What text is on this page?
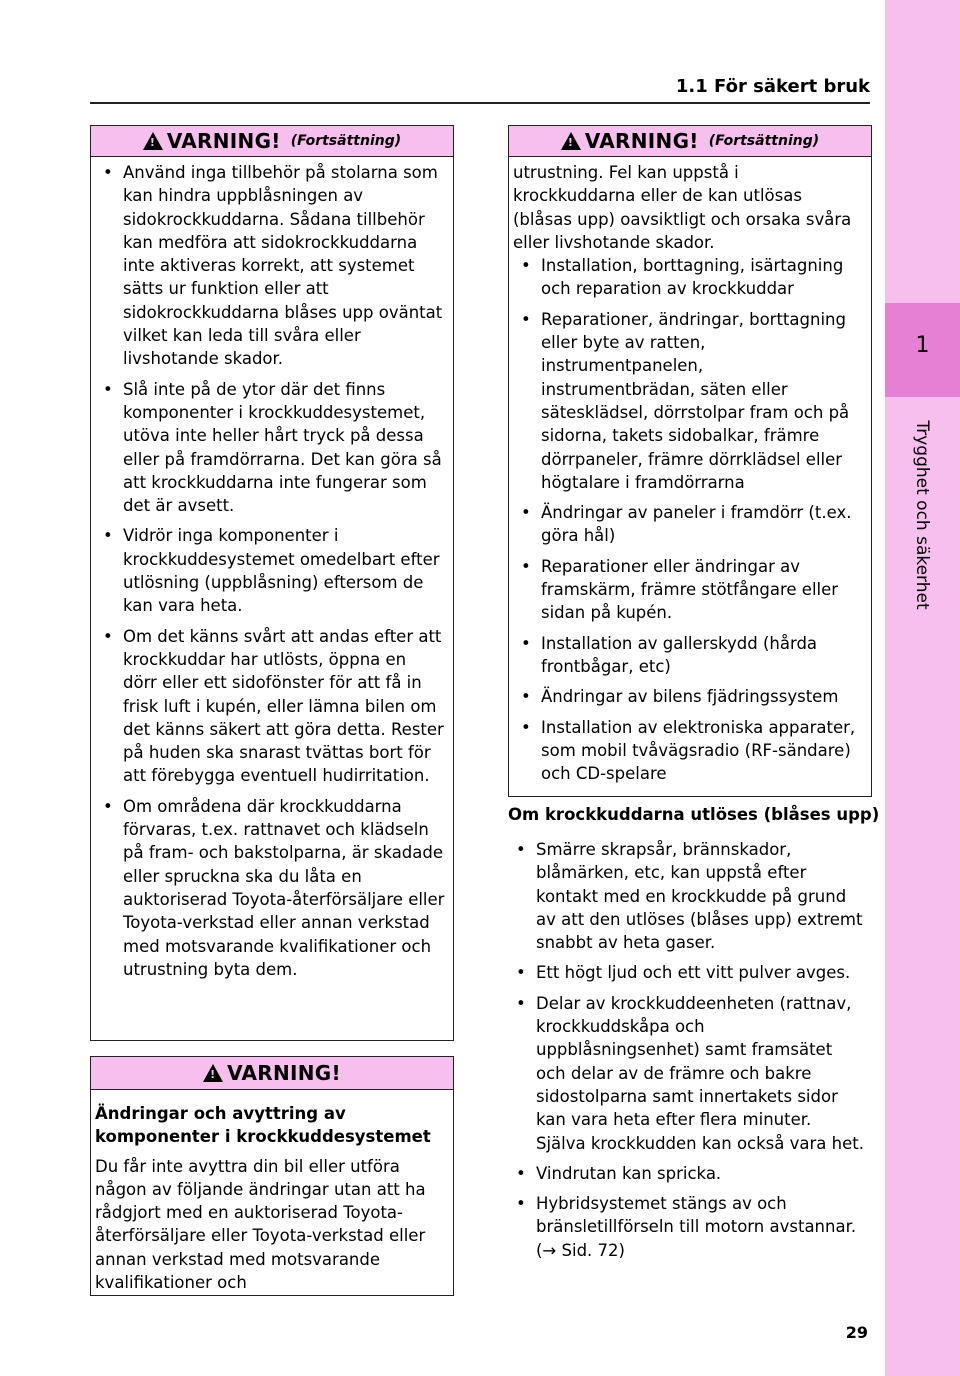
1
Trygghet och säkerhet
1.1 För säkert bruk
!
VARNING! (Fortsättning)
• Använd inga tillbehör på stolarna som kan hindra uppblåsningen av sidokrockkuddarna. Sådana tillbehör kan medföra att sidokrockkuddarna inte aktiveras korrekt, att systemet sätts ur funktion eller att sidokrockkuddarna blåses upp oväntat vilket kan leda till svåra eller livshotande skador.
• Slå inte på de ytor där det finns komponenter i krockkuddesystemet, utöva inte heller hårt tryck på dessa eller på framdörrarna. Det kan göra så att krockkuddarna inte fungerar som det är avsett.
• Vidrör inga komponenter i krockkuddesystemet omedelbart efter utlösning (uppblåsning) eftersom de kan vara heta.
• Om det känns svårt att andas efter att krockkuddar har utlösts, öppna en dörr eller ett sidofönster för att få in frisk luft i kupén, eller lämna bilen om det känns säkert att göra detta. Rester på huden ska snarast tvättas bort för att förebygga eventuell hudirritation.
• Om områdena där krockkuddarna förvaras, t.ex. rattnavet och klädseln på fram- och bakstolparna, är skadade eller spruckna ska du låta en auktoriserad Toyota-återförsäljare eller Toyota-verkstad eller annan verkstad med motsvarande kvalifikationer och utrustning byta dem.
!
VARNING!

Ändringar och avyttring av komponenter i krockkuddesystemet

Du får inte avyttra din bil eller utföra någon av följande ändringar utan att ha rådgjort med en auktoriserad Toyota-återförsäljare eller Toyota-verkstad eller annan verkstad med motsvarande kvalifikationer och

!
VARNING! (Fortsättning)

utrustning. Fel kan uppstå i krockkuddarna eller de kan utlösas (blåsas upp) oavsiktligt och orsaka svåra eller livshotande skador.

• Installation, borttagning, isärtagning och reparation av krockkuddar
• Reparationer, ändringar, borttagning eller byte av ratten, instrumentpanelen, instrumentbrädan, säten eller sätesklädsel, dörrstolpar fram och på sidorna, takets sidobalkar, främre dörrpaneler, främre dörrklädsel eller högtalare i framdörrarna
• Ändringar av paneler i framdörr (t.ex. göra hål)
• Reparationer eller ändringar av framskärm, främre stötfångare eller sidan på kupén.
• Installation av gallerskydd (hårda frontbågar, etc)
• Ändringar av bilens fjädringssystem
• Installation av elektroniska apparater, som mobil tvåvägsradio (RF-sändare) och CD-spelare
Om krockkuddarna utlöses (blåses upp)
• Smärre skrapsår, brännskador, blåmärken, etc, kan uppstå efter kontakt med en krockkudde på grund av att den utlöses (blåses upp) extremt snabbt av heta gaser.
• Ett högt ljud och ett vitt pulver avges.
• Delar av krockkuddeenheten (rattnav, krockkuddskåpa och uppblåsningsenhet) samt framsätet och delar av de främre och bakre sidostolparna samt innertakets sidor kan vara heta efter flera minuter. Själva krockkudden kan också vara het.
• Vindrutan kan spricka.
• Hybridsystemet stängs av och bränsletillförseln till motorn avstannar. (→ Sid. 72)
29
